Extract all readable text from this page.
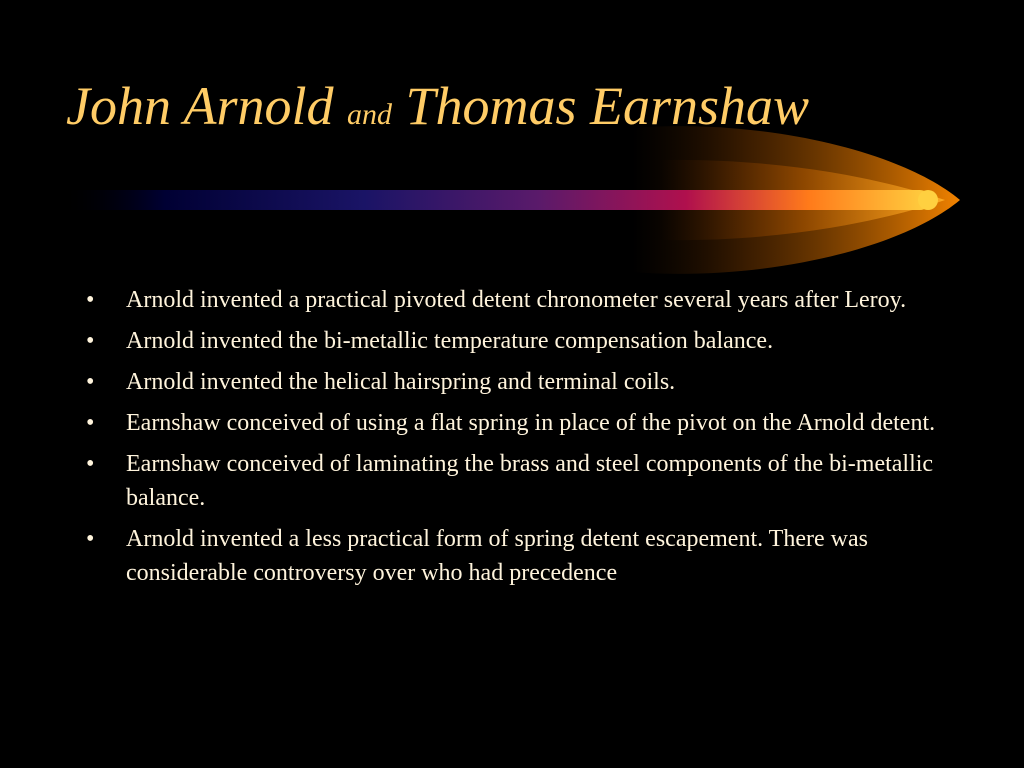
John Arnold and Thomas Earnshaw
• Arnold invented a practical pivoted detent chronometer several years after Leroy.
• Arnold invented the bi-metallic temperature compensation balance.
• Arnold invented the helical hairspring and terminal coils.
• Earnshaw conceived of using a flat spring in place of the pivot on the Arnold detent.
• Earnshaw conceived of laminating the brass and steel components of the bi-metallic balance.
• Arnold invented a less practical form of spring detent escapement. There was considerable controversy over who had precedence
